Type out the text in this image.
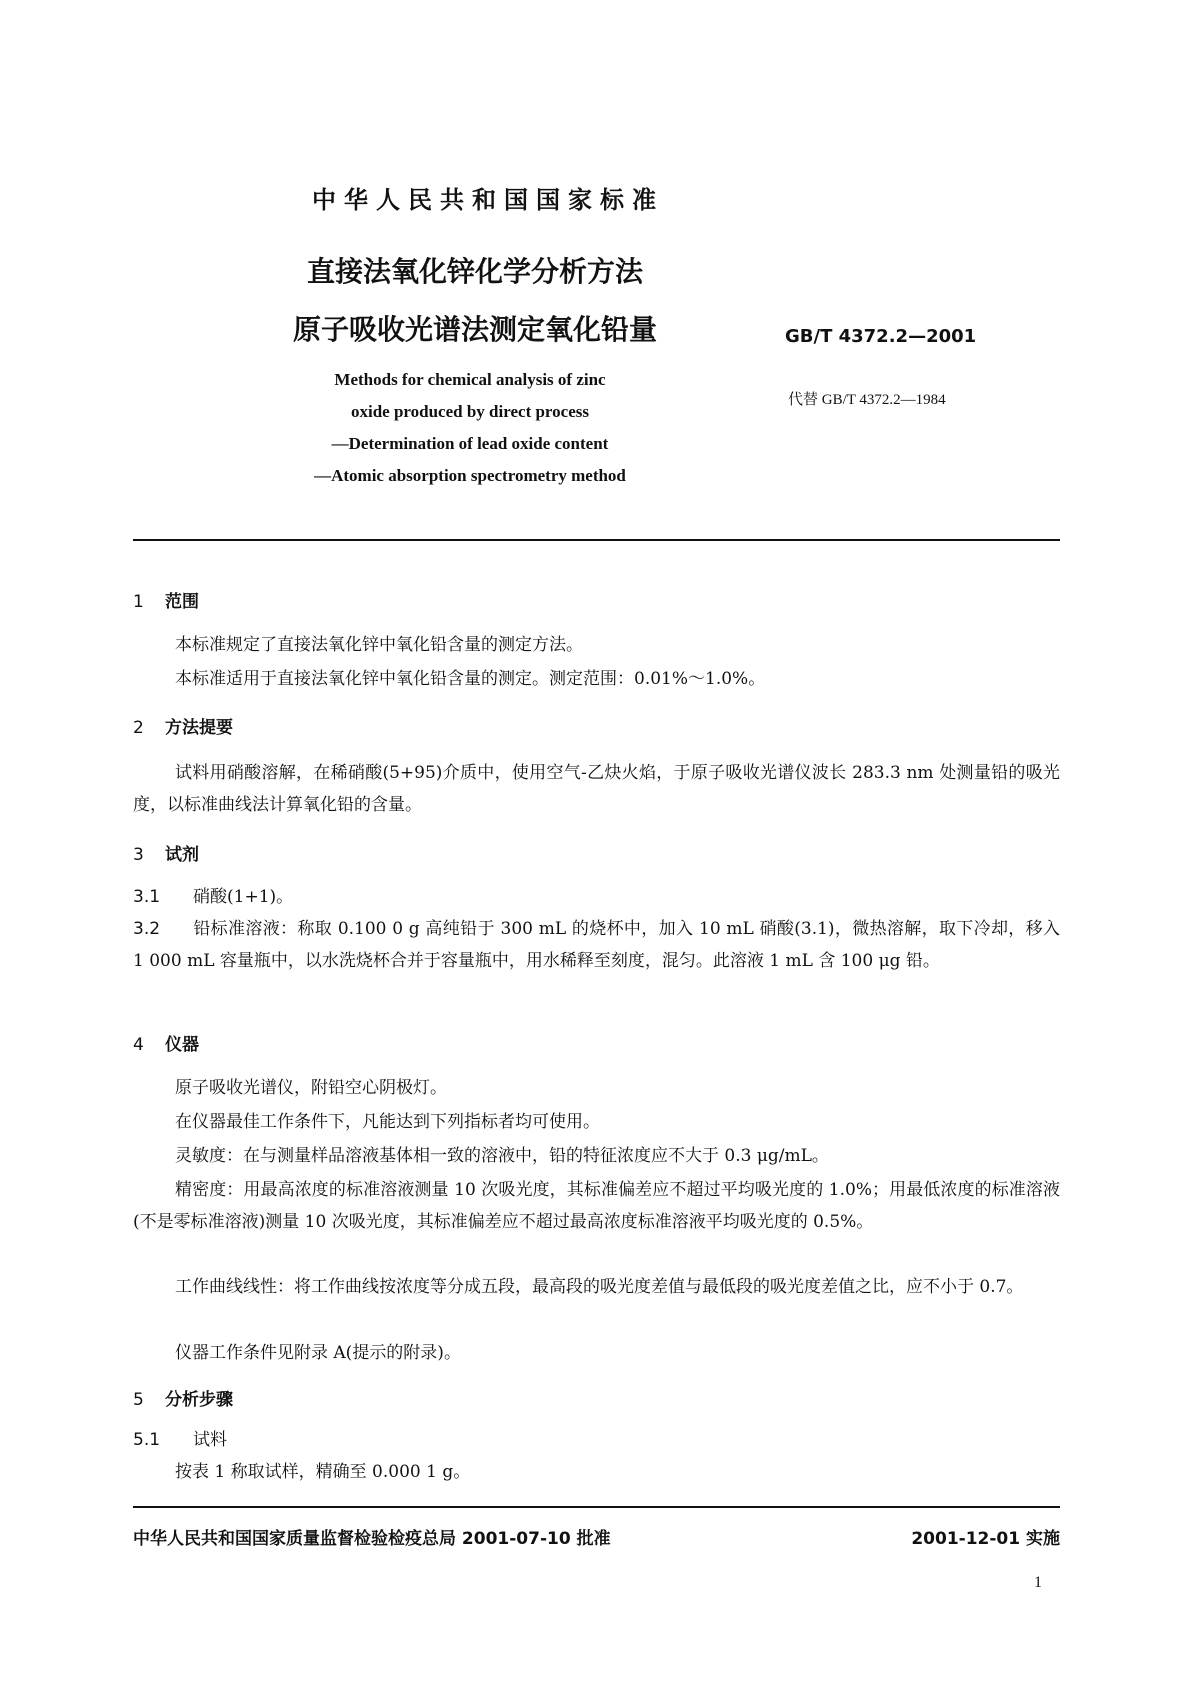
中华人民共和国国家标准
直接法氧化锌化学分析方法
原子吸收光谱法测定氧化铅量	GB/T 4372.2—2001
代替 GB/T 4372.2—1984
Methods for chemical analysis of zinc
oxide produced by direct process
—Determination of lead oxide content
—Atomic absorption spectrometry method
1 范围
本标准规定了直接法氧化锌中氧化铅含量的测定方法。
本标准适用于直接法氧化锌中氧化铅含量的测定。测定范围：0.01%～1.0%。
2 方法提要
试料用硝酸溶解，在稀硝酸(5+95)介质中，使用空气-乙炔火焰，于原子吸收光谱仪波长 283.3 nm 处测量铅的吸光度，以标准曲线法计算氧化铅的含量。
3 试剂
3.1 硝酸(1+1)。
3.2 铅标准溶液：称取 0.100 0 g 高纯铅于 300 mL 的烧杯中，加入 10 mL 硝酸(3.1)，微热溶解，取下冷却，移入 1 000 mL 容量瓶中，以水洗烧杯合并于容量瓶中，用水稀释至刻度，混匀。此溶液 1 mL 含 100 μg 铅。
4 仪器
原子吸收光谱仪，附铅空心阴极灯。
在仪器最佳工作条件下，凡能达到下列指标者均可使用。
灵敏度：在与测量样品溶液基体相一致的溶液中，铅的特征浓度应不大于 0.3 μg/mL。
精密度：用最高浓度的标准溶液测量 10 次吸光度，其标准偏差应不超过平均吸光度的 1.0%；用最低浓度的标准溶液(不是零标准溶液)测量 10 次吸光度，其标准偏差应不超过最高浓度标准溶液平均吸光度的 0.5%。
工作曲线线性：将工作曲线按浓度等分成五段，最高段的吸光度差值与最低段的吸光度差值之比，应不小于 0.7。
仪器工作条件见附录 A(提示的附录)。
5 分析步骤
5.1 试料
按表 1 称取试样，精确至 0.000 1 g。
中华人民共和国国家质量监督检验检疫总局 2001-07-10 批准	2001-12-01 实施
1
